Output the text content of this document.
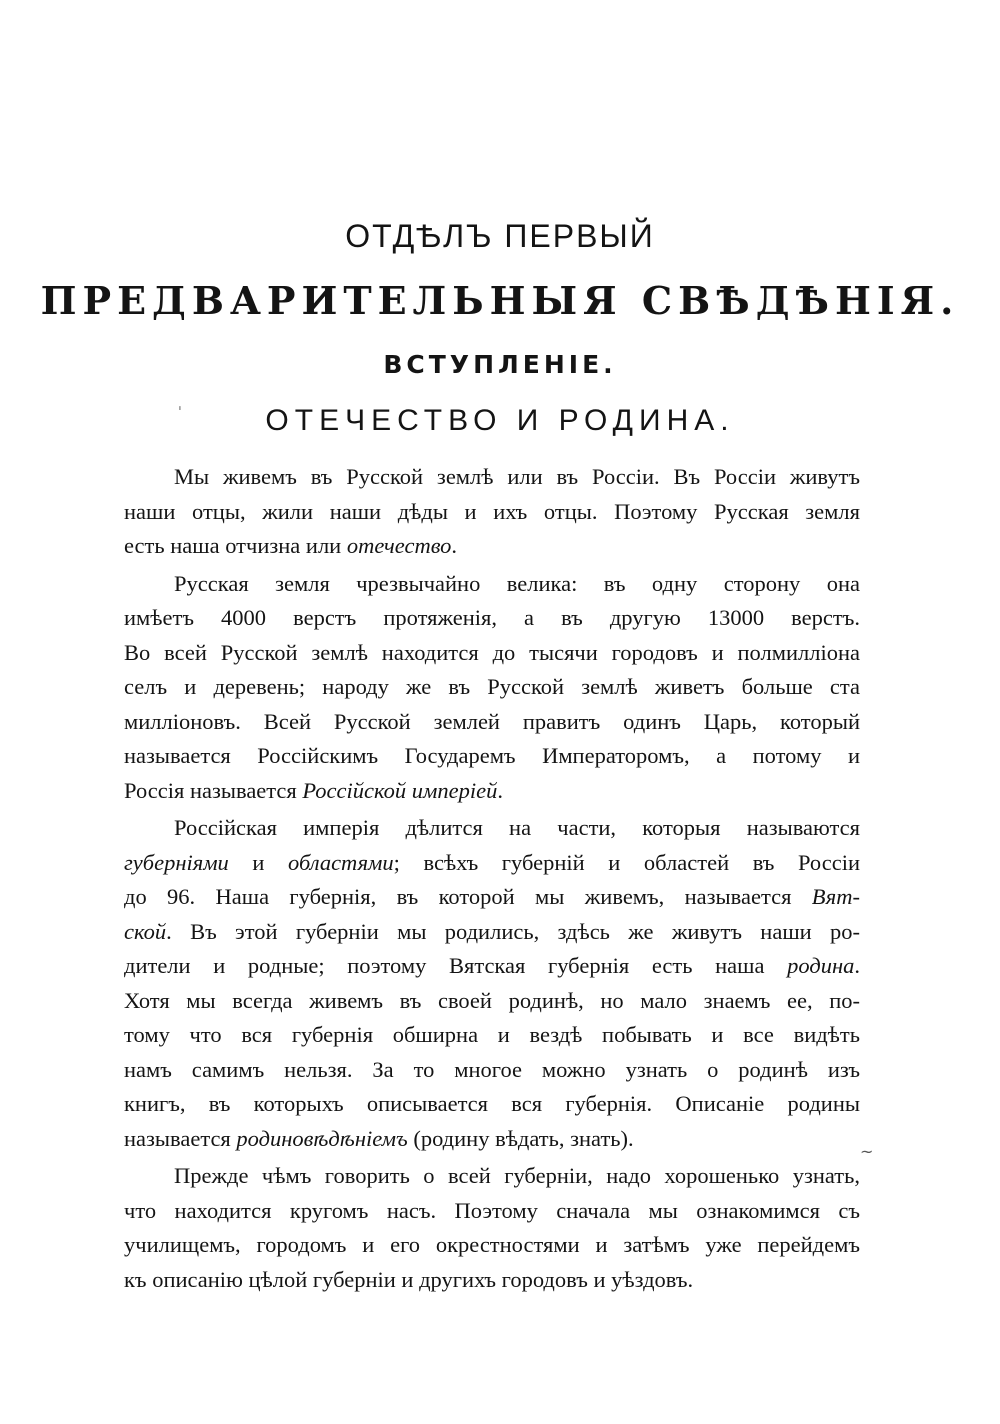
ОТДѢЛЪ ПЕРВЫЙ
ПРЕДВАРИТЕЛЬНЫЯ СВѢДѢНІЯ.
ВСТУПЛЕНІЕ.
ОТЕЧЕСТВО И РОДИНА.
ˌ
~
Мы живемъ въ Русской землѣ или въ Россіи. Въ Россіи живутъ
наши отцы, жили наши дѣды и ихъ отцы. Поэтому Русская земля
есть наша отчизна или отечество.
Русская земля чрезвычайно велика: въ одну сторону она
имѣетъ 4000 верстъ протяженія, а въ другую 13000 верстъ.
Во всей Русской землѣ находится до тысячи городовъ и полмилліона
селъ и деревень; народу же въ Русской землѣ живетъ больше ста
милліоновъ. Всей Русской землей правитъ одинъ Царь, который
называется Россійскимъ Государемъ Императоромъ, а потому и
Россія называется Россійской имперіей.
Россійская имперія дѣлится на части, которыя называются
губерніями и областями; всѣхъ губерній и областей въ Россіи
до 96. Наша губернія, въ которой мы живемъ, называется Вят-
ской. Въ этой губерніи мы родились, здѣсь же живутъ наши ро-
дители и родные; поэтому Вятская губернія есть наша родина.
Хотя мы всегда живемъ въ своей родинѣ, но мало знаемъ ее, по-
тому что вся губернія обширна и вездѣ побывать и все видѣть
намъ самимъ нельзя. За то многое можно узнать о родинѣ изъ
книгъ, въ которыхъ описывается вся губернія. Описаніе родины
называется родиновѣдѣніемъ (родину вѣдать, знать).
Прежде чѣмъ говорить о всей губерніи, надо хорошенько узнать,
что находится кругомъ насъ. Поэтому сначала мы ознакомимся съ
училищемъ, городомъ и его окрестностями и затѣмъ уже перейдемъ
къ описанію цѣлой губерніи и другихъ городовъ и уѣздовъ.
